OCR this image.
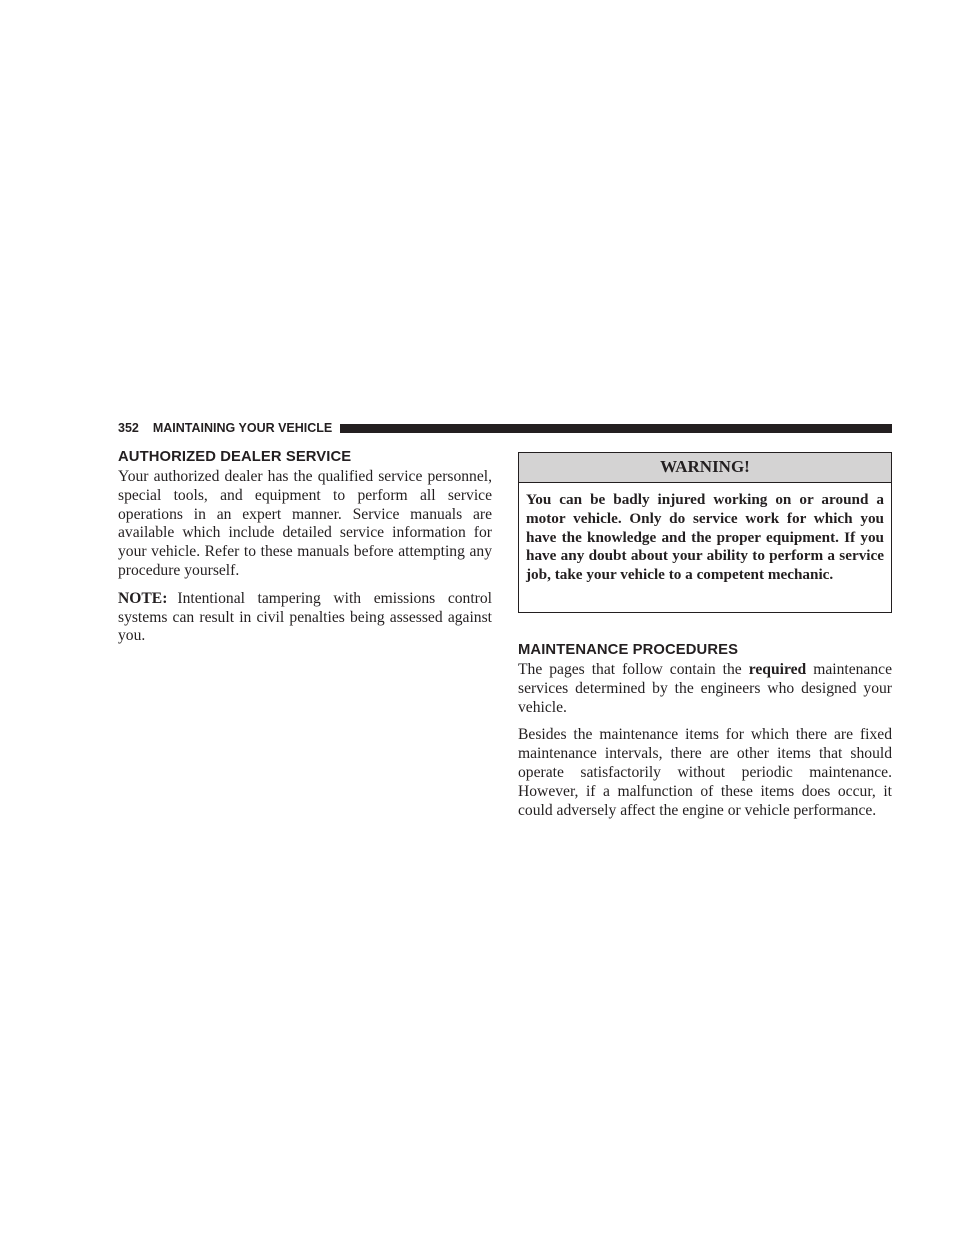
352 MAINTAINING YOUR VEHICLE
AUTHORIZED DEALER SERVICE

Your authorized dealer has the qualified service personnel, special tools, and equipment to perform all service operations in an expert manner. Service manuals are available which include detailed service information for your vehicle. Refer to these manuals before attempting any procedure yourself.

NOTE: Intentional tampering with emissions control systems can result in civil penalties being assessed against you.

WARNING!
You can be badly injured working on or around a motor vehicle. Only do service work for which you have the knowledge and the proper equipment. If you have any doubt about your ability to perform a service job, take your vehicle to a competent mechanic.
MAINTENANCE PROCEDURES

The pages that follow contain the required maintenance services determined by the engineers who designed your vehicle.

Besides the maintenance items for which there are fixed maintenance intervals, there are other items that should operate satisfactorily without periodic maintenance. However, if a malfunction of these items does occur, it could adversely affect the engine or vehicle performance.
